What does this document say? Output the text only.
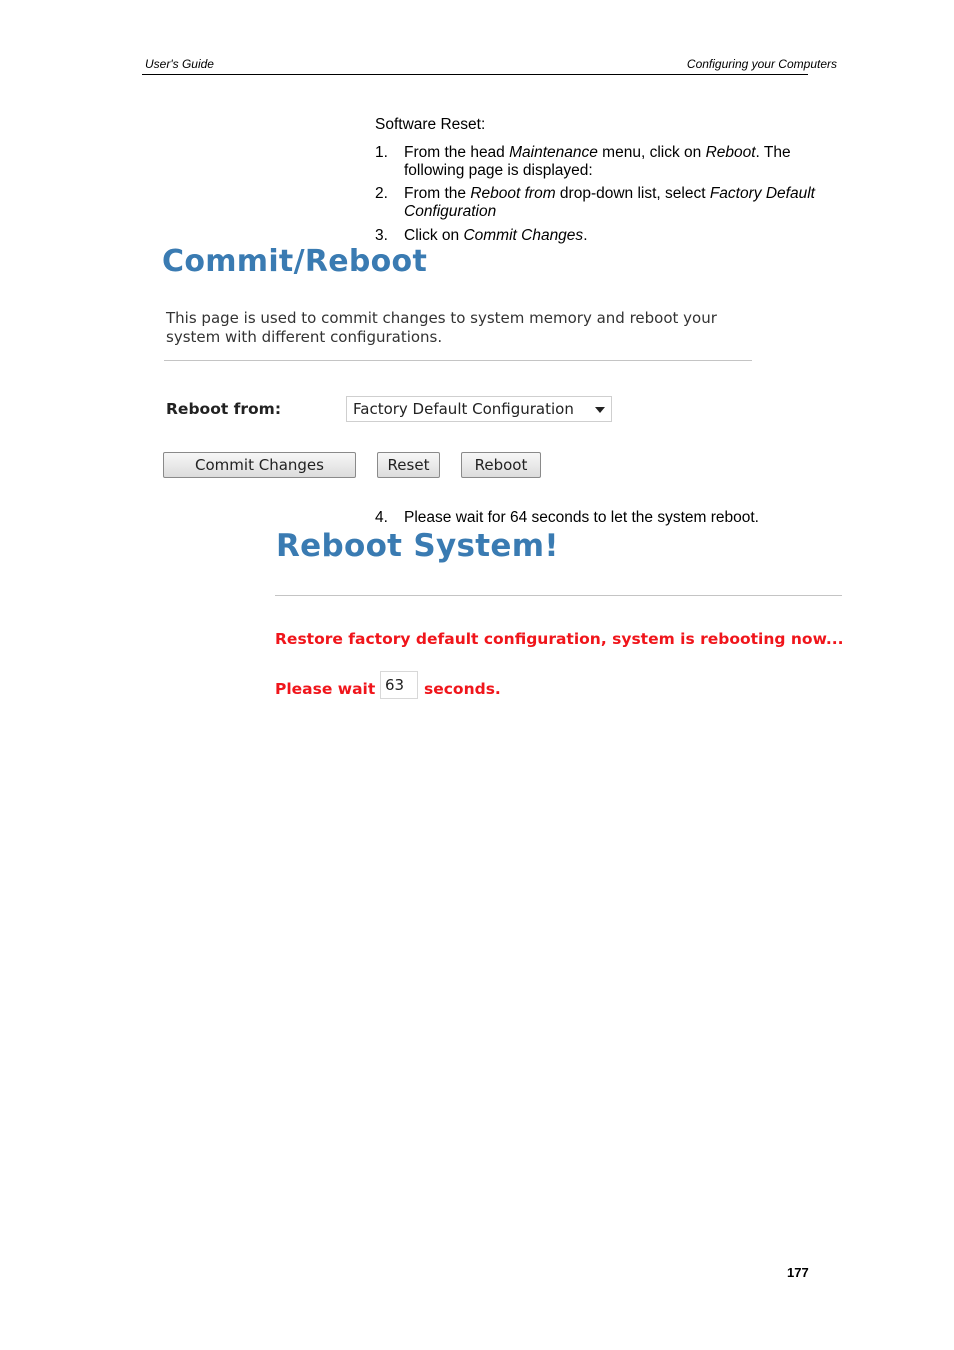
User's Guide	Configuring your Computers
Software Reset:
1. From the head Maintenance menu, click on Reboot. The following page is displayed:
2. From the Reboot from drop-down list, select Factory Default Configuration
3. Click on Commit Changes.
Commit/Reboot
This page is used to commit changes to system memory and reboot your system with different configurations.
Reboot from:	Factory Default Configuration
Commit Changes	Reset	Reboot
4. Please wait for 64 seconds to let the system reboot.
Reboot System!
Restore factory default configuration, system is rebooting now...
Please wait 63	seconds.
177
